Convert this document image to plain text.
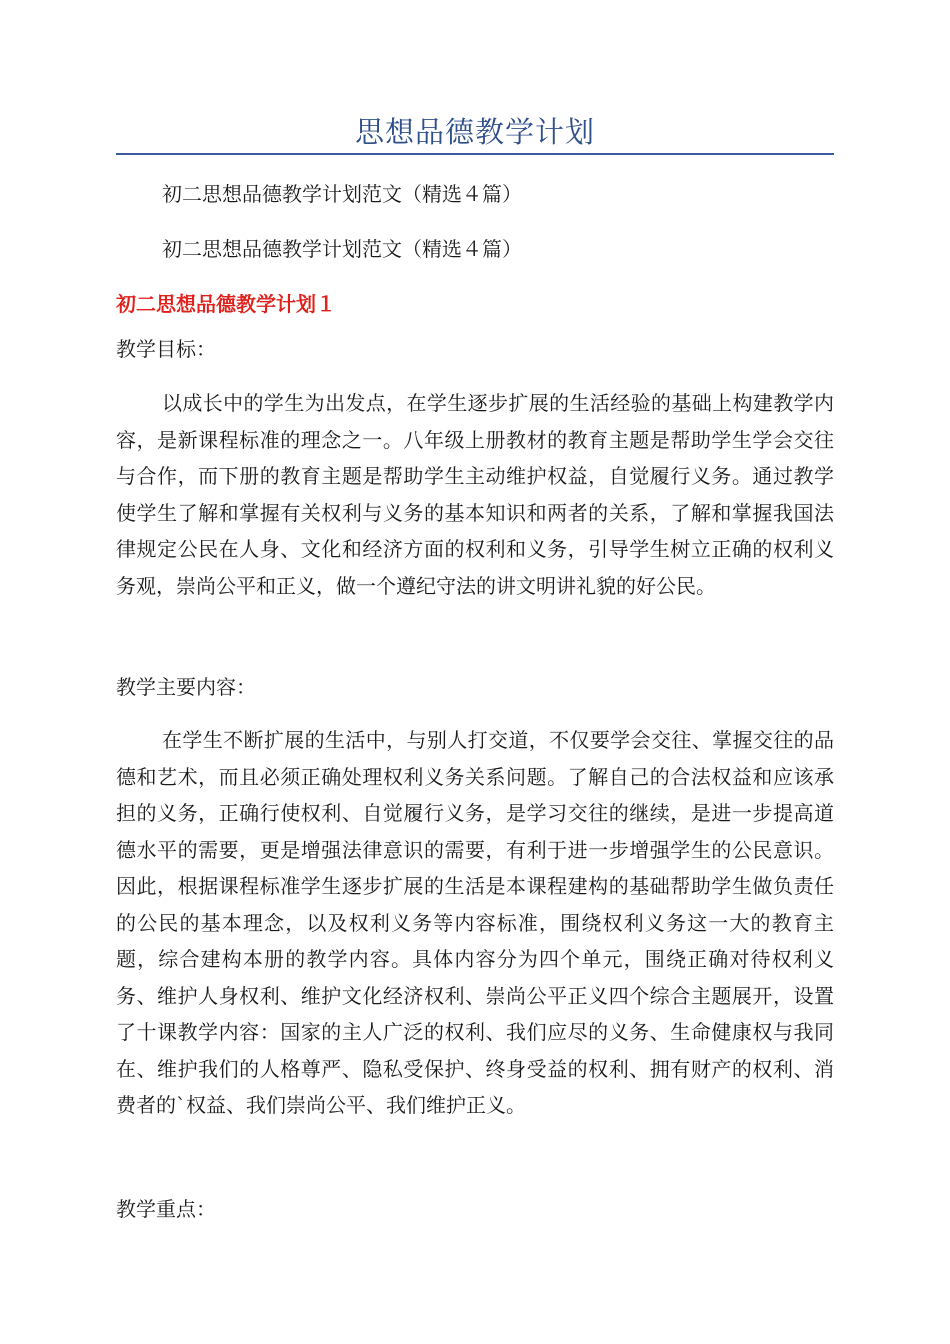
思想品德教学计划
初二思想品德教学计划范文（精选４篇）
初二思想品德教学计划范文（精选４篇）
初二思想品德教学计划１
教学目标：
以成长中的学生为出发点，在学生逐步扩展的生活经验的基础上构建教学内容，是新课程标准的理念之一。八年级上册教材的教育主题是帮助学生学会交往与合作，而下册的教育主题是帮助学生主动维护权益，自觉履行义务。通过教学使学生了解和掌握有关权利与义务的基本知识和两者的关系，了解和掌握我国法律规定公民在人身、文化和经济方面的权利和义务，引导学生树立正确的权利义务观，崇尚公平和正义，做一个遵纪守法的讲文明讲礼貌的好公民。
教学主要内容：
在学生不断扩展的生活中，与别人打交道，不仅要学会交往、掌握交往的品德和艺术，而且必须正确处理权利义务关系问题。了解自己的合法权益和应该承担的义务，正确行使权利、自觉履行义务，是学习交往的继续，是进一步提高道德水平的需要，更是增强法律意识的需要，有利于进一步增强学生的公民意识。因此，根据课程标准学生逐步扩展的生活是本课程建构的基础帮助学生做负责任的公民的基本理念，以及权利义务等内容标准，围绕权利义务这一大的教育主题，综合建构本册的教学内容。具体内容分为四个单元，围绕正确对待权利义务、维护人身权利、维护文化经济权利、崇尚公平正义四个综合主题展开，设置了十课教学内容：国家的主人广泛的权利、我们应尽的义务、生命健康权与我同在、维护我们的人格尊严、隐私受保护、终身受益的权利、拥有财产的权利、消费者的`权益、我们崇尚公平、我们维护正义。
教学重点：
